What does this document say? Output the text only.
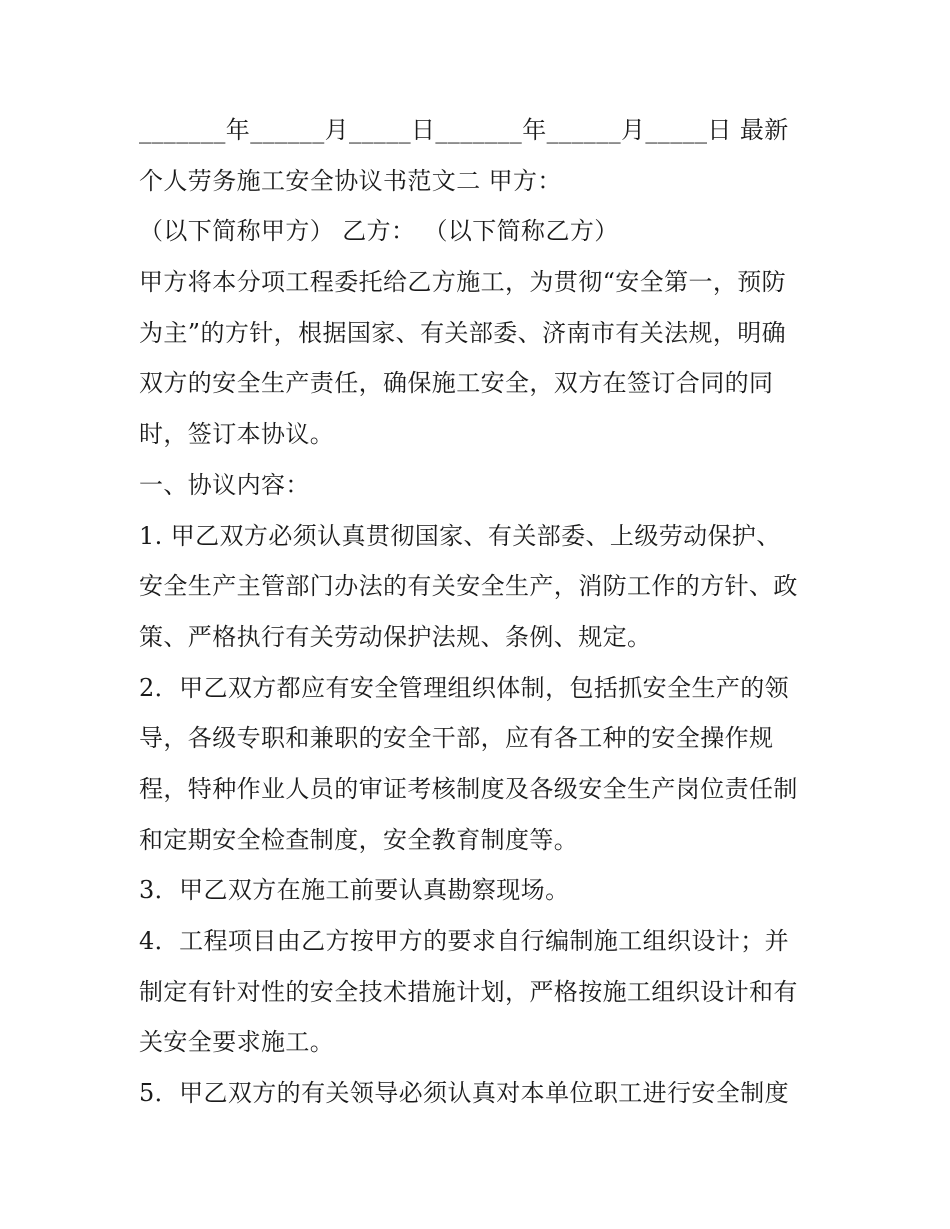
_______年______月_____日_______年______月_____日 最新
个人劳务施工安全协议书范文二 甲方：
（以下简称甲方） 乙方： （以下简称乙方）
甲方将本分项工程委托给乙方施工，为贯彻“安全第一，预防
为主”的方针，根据国家、有关部委、济南市有关法规，明确
双方的安全生产责任，确保施工安全，双方在签订合同的同
时，签订本协议。
一、协议内容：
1. 甲乙双方必须认真贯彻国家、有关部委、上级劳动保护、
安全生产主管部门办法的有关安全生产，消防工作的方针、政
策、严格执行有关劳动保护法规、条例、规定。
2．甲乙双方都应有安全管理组织体制，包括抓安全生产的领
导，各级专职和兼职的安全干部，应有各工种的安全操作规
程，特种作业人员的审证考核制度及各级安全生产岗位责任制
和定期安全检查制度，安全教育制度等。
3．甲乙双方在施工前要认真勘察现场。
4．工程项目由乙方按甲方的要求自行编制施工组织设计；并
制定有针对性的安全技术措施计划，严格按施工组织设计和有
关安全要求施工。
5．甲乙双方的有关领导必须认真对本单位职工进行安全制度
